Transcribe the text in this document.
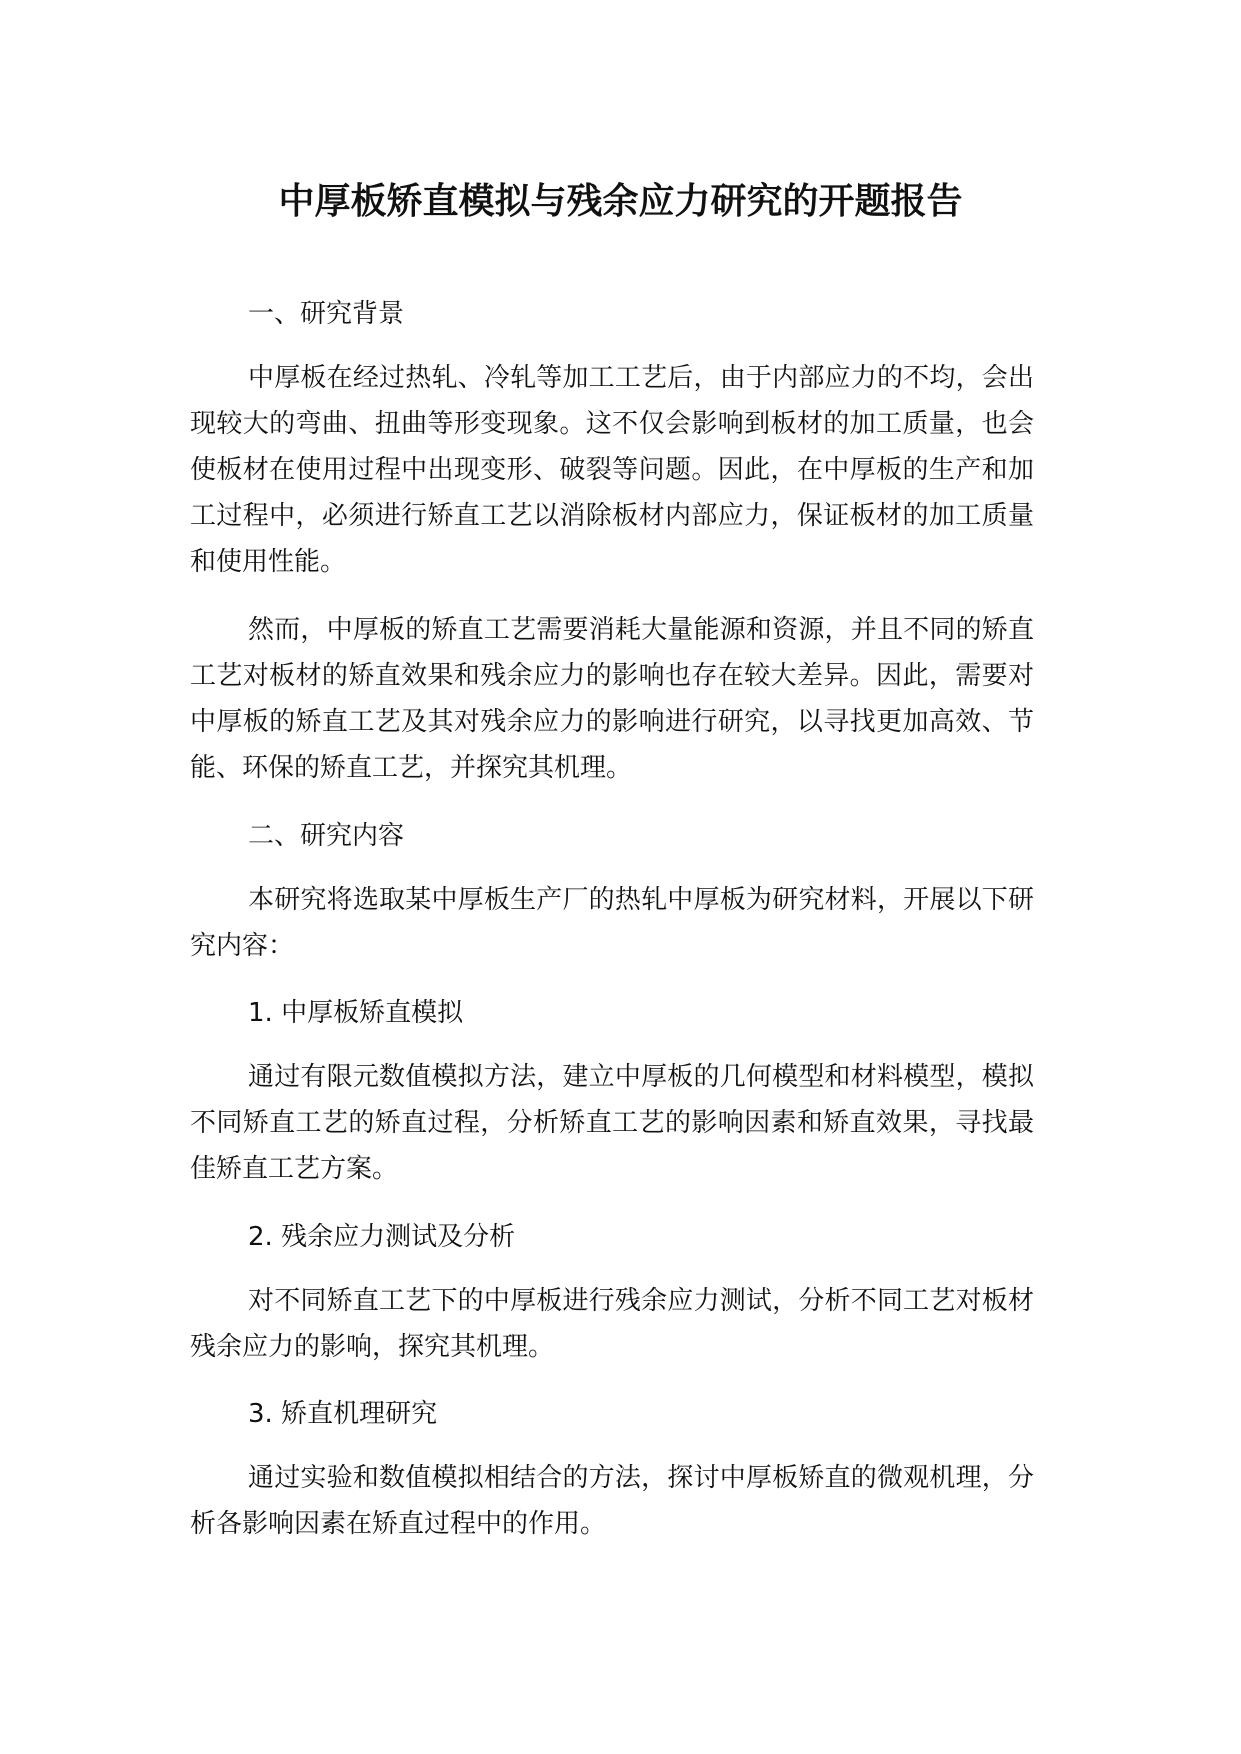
中厚板矫直模拟与残余应力研究的开题报告

一、研究背景

中厚板在经过热轧、冷轧等加工工艺后，由于内部应力的不均，会出现较大的弯曲、扭曲等形变现象。这不仅会影响到板材的加工质量，也会使板材在使用过程中出现变形、破裂等问题。因此，在中厚板的生产和加工过程中，必须进行矫直工艺以消除板材内部应力，保证板材的加工质量和使用性能。

然而，中厚板的矫直工艺需要消耗大量能源和资源，并且不同的矫直工艺对板材的矫直效果和残余应力的影响也存在较大差异。因此，需要对中厚板的矫直工艺及其对残余应力的影响进行研究，以寻找更加高效、节能、环保的矫直工艺，并探究其机理。

二、研究内容

本研究将选取某中厚板生产厂的热轧中厚板为研究材料，开展以下研究内容：

1. 中厚板矫直模拟

通过有限元数值模拟方法，建立中厚板的几何模型和材料模型，模拟不同矫直工艺的矫直过程，分析矫直工艺的影响因素和矫直效果，寻找最佳矫直工艺方案。

2. 残余应力测试及分析

对不同矫直工艺下的中厚板进行残余应力测试，分析不同工艺对板材残余应力的影响，探究其机理。

3. 矫直机理研究

通过实验和数值模拟相结合的方法，探讨中厚板矫直的微观机理，分析各影响因素在矫直过程中的作用。
